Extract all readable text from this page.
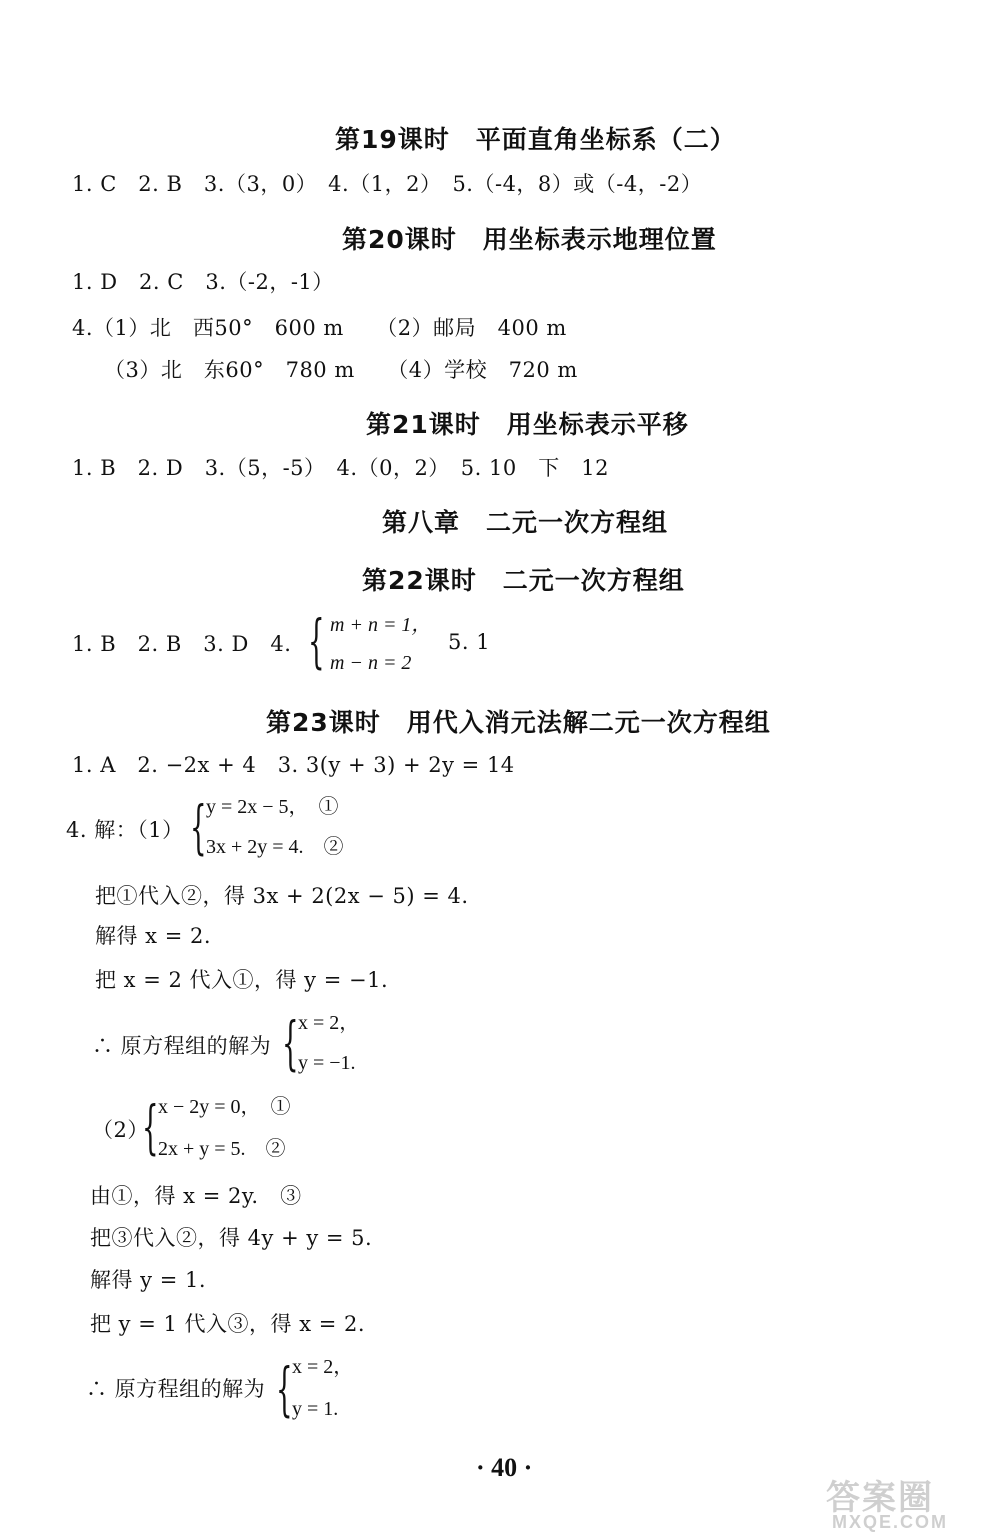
第19课时　平面直角坐标系（二）
1. C　2. B　3.（3，0）　4.（1，2）　5.（-4，8）或（-4，-2）
第20课时　用坐标表示地理位置
1. D　2. C　3.（-2，-1）
4.（1）北　西50°　600 m　　（2）邮局　400 m
（3）北　东60°　780 m　　（4）学校　720 m
第21课时　用坐标表示平移
1. B　2. D　3.（5，-5）　4.（0，2）　5. 10　下　12
第八章　二元一次方程组
第22课时　二元一次方程组
1. B　2. B　3. D　4. { m + n = 1，
m − n = 2
5. 1
第23课时　用代入消元法解二元一次方程组
1. A　2. −2x + 4　3. 3(y + 3) + 2y = 14
4. 解：（1） { y = 2x − 5，　①
3x + 2y = 4.　②
把①代入②，得 3x + 2(2x − 5) = 4.
解得 x = 2.
把 x = 2 代入①，得 y = −1.
∴ 原方程组的解为 { x = 2，
y = −1.
（2）
{ x − 2y = 0，　①
2x + y = 5.　②
由①，得 x = 2y.　③
把③代入②，得 4y + y = 5.
解得 y = 1.
把 y = 1 代入③，得 x = 2.
∴ 原方程组的解为 { x = 2，
y = 1.
· 40 ·
答案圈
MXQE.COM
